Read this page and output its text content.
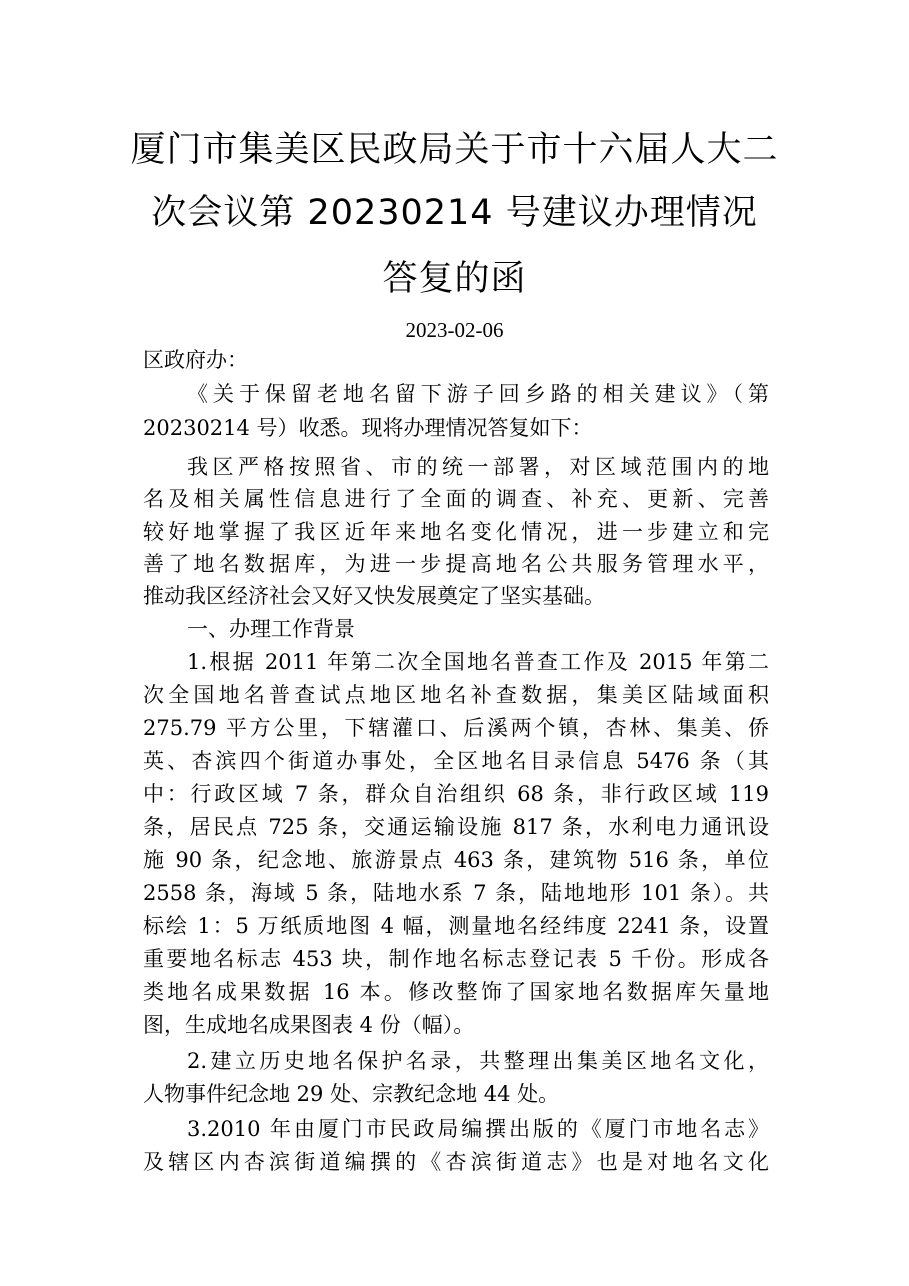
厦门市集美区民政局关于市十六届人大二
次会议第 20230214 号建议办理情况
答复的函
2023-02-06
区政府办：
《关于保留老地名留下游子回乡路的相关建议》（第
20230214 号）收悉。现将办理情况答复如下：
我区严格按照省、市的统一部署，对区域范围内的地
名及相关属性信息进行了全面的调查、补充、更新、完善
较好地掌握了我区近年来地名变化情况，进一步建立和完
善了地名数据库，为进一步提高地名公共服务管理水平，
推动我区经济社会又好又快发展奠定了坚实基础。
一、办理工作背景
1.根据 2011 年第二次全国地名普查工作及 2015 年第二
次全国地名普查试点地区地名补查数据，集美区陆域面积
275.79 平方公里，下辖灌口、后溪两个镇，杏林、集美、侨
英、杏滨四个街道办事处，全区地名目录信息 5476 条（其
中：行政区域 7 条，群众自治组织 68 条，非行政区域 119
条，居民点 725 条，交通运输设施 817 条，水利电力通讯设
施 90 条，纪念地、旅游景点 463 条，建筑物 516 条，单位
2558 条，海域 5 条，陆地水系 7 条，陆地地形 101 条）。共
标绘 1：5 万纸质地图 4 幅，测量地名经纬度 2241 条，设置
重要地名标志 453 块，制作地名标志登记表 5 千份。形成各
类地名成果数据 16 本。修改整饰了国家地名数据库矢量地
图，生成地名成果图表 4 份（幅）。
2.建立历史地名保护名录，共整理出集美区地名文化，
人物事件纪念地 29 处、宗教纪念地 44 处。
3.2010 年由厦门市民政局编撰出版的《厦门市地名志》
及辖区内杏滨街道编撰的《杏滨街道志》也是对地名文化
